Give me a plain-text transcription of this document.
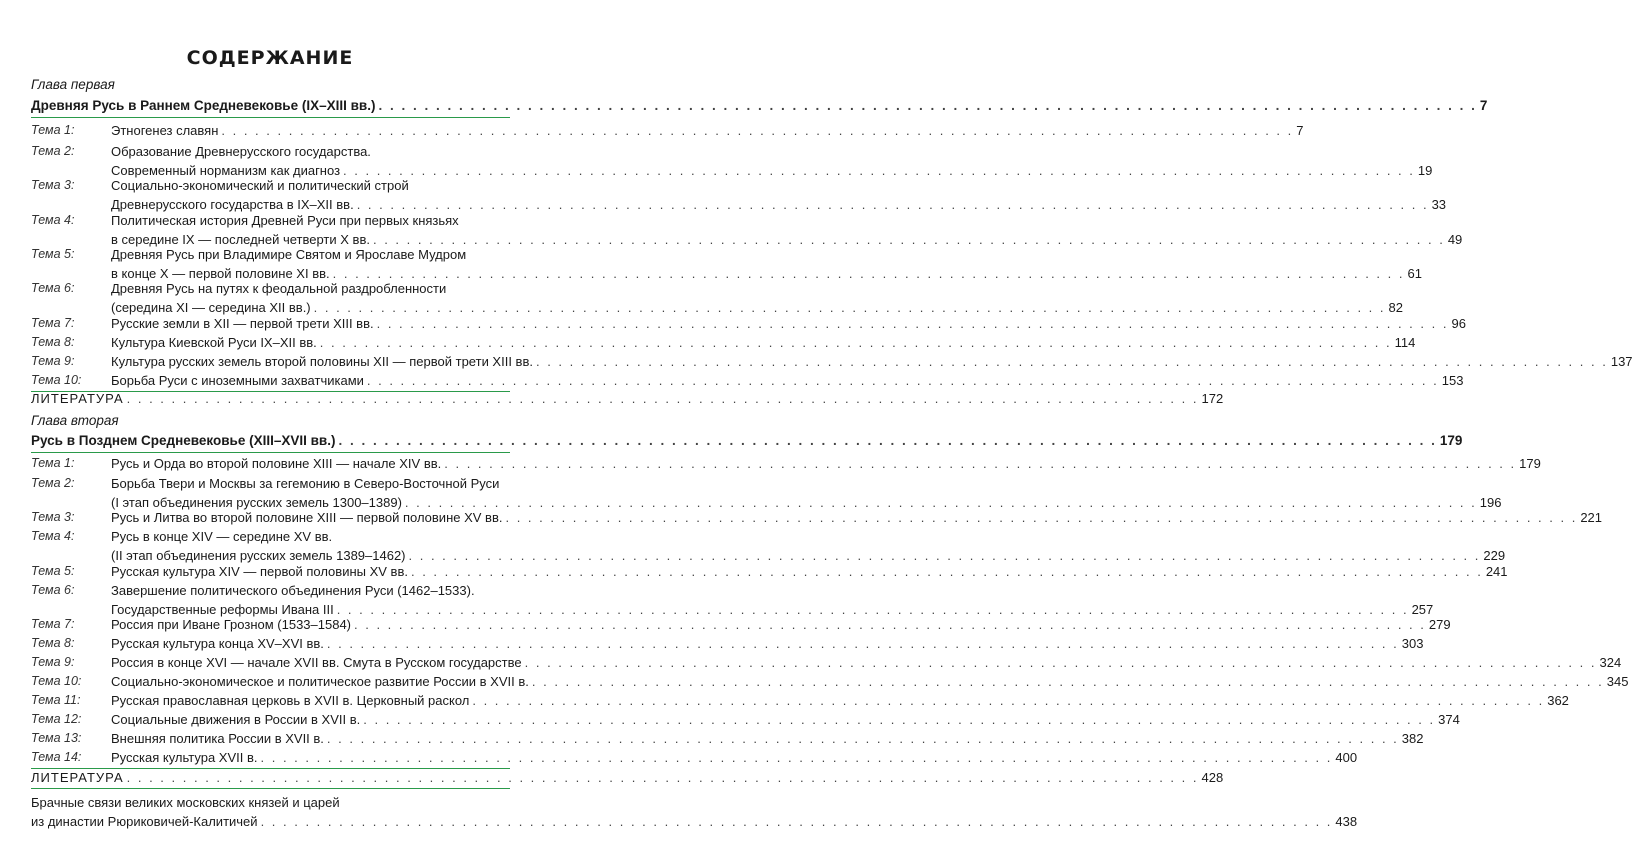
СОДЕРЖАНИЕ
Глава первая
Древняя Русь в Раннем Средневековье (IX–XIII вв.) . . .	7
Тема 1:	Этногенез славян . . .	7
Тема 2:	Образование Древнерусского государства.
Современный норманизм как диагноз . . .	19
Тема 3:	Социально-экономический и политический строй
Древнерусского государства в IX–XII вв. . . .	33
Тема 4:	Политическая история Древней Руси при первых князьях
в середине IX — последней четверти X вв. . . .	49
Тема 5:	Древняя Русь при Владимире Святом и Ярославе Мудром
в конце X — первой половине XI вв. . . .	61
Тема 6:	Древняя Русь на путях к феодальной раздробленности
(середина XI — середина XII вв.) . . .	82
Тема 7:	Русские земли в XII — первой трети XIII вв. . . .	96
Тема 8:	Культура Киевской Руси IX–XII вв. . . .	114
Тема 9:	Культура русских земель второй половины XII — первой трети XIII вв. . . .	137
Тема 10: Борьба Руси с иноземными захватчиками . . .	153
ЛИТЕРАТУРА . . .	172
Глава вторая
Русь в Позднем Средневековье (XIII–XVII вв.) . . .	179
Тема 1:	Русь и Орда во второй половине XIII — начале XIV вв. . . .	179
Тема 2:	Борьба Твери и Москвы за гегемонию в Северо-Восточной Руси
(I этап объединения русских земель 1300–1389) . . .	196
Тема 3:	Русь и Литва во второй половине XIII — первой половине XV вв. . . .	221
Тема 4:	Русь в конце XIV — середине XV вв.
(II этап объединения русских земель 1389–1462) . . .	229
Тема 5:	Русская культура XIV — первой половины XV вв. . . .	241
Тема 6:	Завершение политического объединения Руси (1462–1533).
Государственные реформы Ивана III . . .	257
Тема 7:	Россия при Иване Грозном (1533–1584) . . .	279
Тема 8:	Русская культура конца XV–XVI вв. . . .	303
Тема 9:	Россия в конце XVI — начале XVII вв. Смута в Русском государстве . . .	324
Тема 10: Социально-экономическое и политическое развитие России в XVII в. . . .	345
Тема 11: Русская православная церковь в XVII в. Церковный раскол . . .	362
Тема 12: Социальные движения в России в XVII в. . . .	374
Тема 13: Внешняя политика России в XVII в. . . .	382
Тема 14: Русская культура XVII в. . . .	400
ЛИТЕРАТУРА . . .	428
Брачные связи великих московских князей и царей
из династии Рюриковичей-Калитичей . . .	438
